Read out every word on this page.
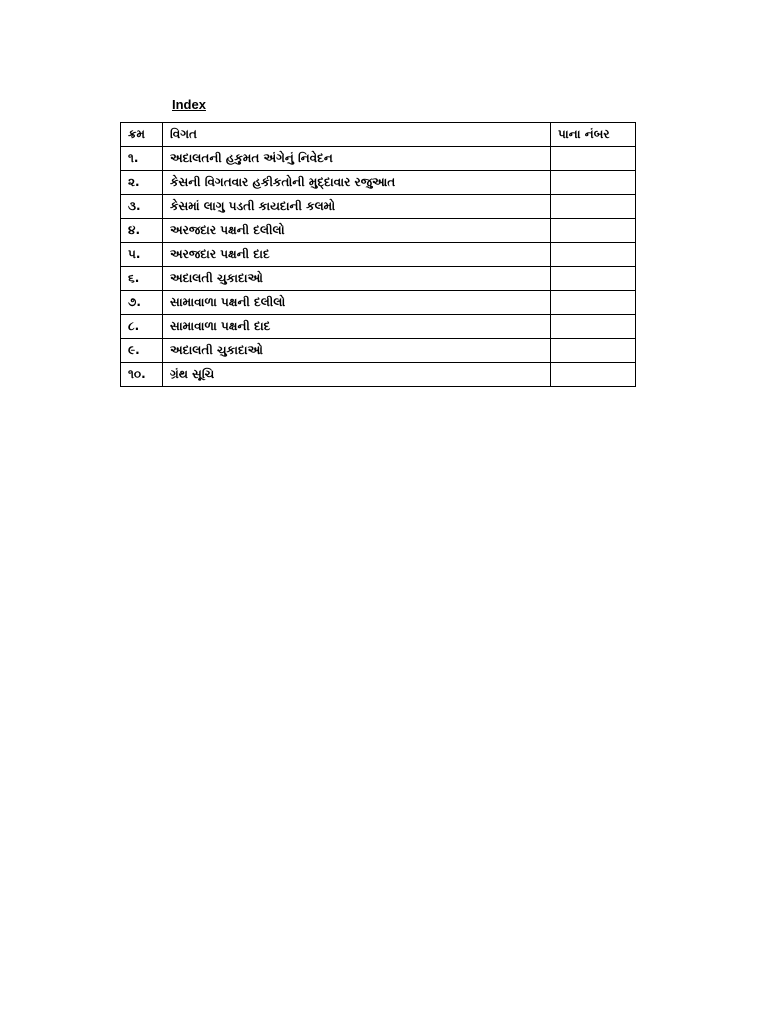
Index
ક્રમ	વિગત	પાના નંબર
૧.	અદાલતની હકુમત અંગેનું નિવેદન	
૨.	કેસની વિગતવાર હકીકતોની મુદ્દાવાર રજુઆત	
૩.	કેસમાં લાગુ પડતી કાયદાની કલમો	
૪.	અરજદાર પક્ષની દલીલો	
૫.	અરજદાર પક્ષની દાદ	
૬.	અદાલતી ચુકાદાઓ	
૭.	સામાવાળા પક્ષની દલીલો	
૮.	સામાવાળા પક્ષની દાદ	
૯.	અદાલતી ચુકાદાઓ	
૧૦.	ગ્રંથ સૂચિ	
